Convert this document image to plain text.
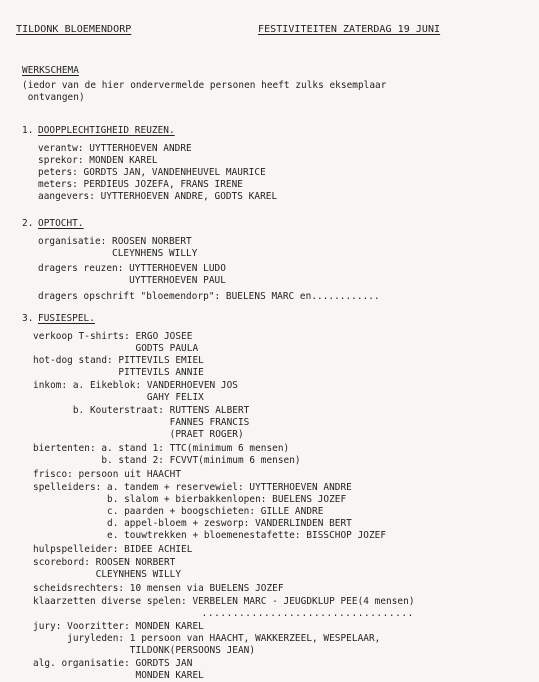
TILDONK BLOEMENDORP	FESTIVITEITEN ZATERDAG 19 JUNI
WERKSCHEMA
(iedor van de hier ondervermelde personen heeft zulks eksemplaar
ontvangen)
1. DOOPPLECHTIGHEID REUZEN.
verantw: UYTTERHOEVEN ANDRE
sprekor: MONDEN KAREL
peters: GORDTS JAN, VANDENHEUVEL MAURICE
meters: PERDIEUS JOZEFA, FRANS IRENE
aangevers: UYTTERHOEVEN ANDRE, GODTS KAREL
2. OPTOCHT.
organisatie: ROOSEN NORBERT
CLEYNHENS WILLY
dragers reuzen: UYTTERHOEVEN LUDO
UYTTERHOEVEN PAUL
dragers opschrift "bloemendorp": BUELENS MARC en............
3. FUSIESPEL.
verkoop T-shirts: ERGO JOSEE
GODTS PAULA
hot-dog stand: PITTEVILS EMIEL
PITTEVILS ANNIE
inkom: a. Eikeblok: VANDERHOEVEN JOS
GAHY FELIX
b. Kouterstraat: RUTTENS ALBERT
FANNES FRANCIS
(PRAET ROGER)
biertenten: a. stand 1: TTC(minimum 6 mensen)
b. stand 2: FCVVT(minimum 6 mensen)
frisco: persoon uit HAACHT
spelleiders: a. tandem + reservewiel: UYTTERHOEVEN ANDRE
b. slalom + bierbakkenlopen: BUELENS JOZEF
c. paarden + boogschieten: GILLE ANDRE
d. appel-bloem + zesworp: VANDERLINDEN BERT
e. touwtrekken + bloemenestafette: BISSCHOP JOZEF
hulpspelleider: BIDEE ACHIEL
scorebord: ROOSEN NORBERT
CLEYNHENS WILLY
scheidsrechters: 10 mensen via BUELENS JOZEF
klaarzetten diverse spelen: VERBELEN MARC - JEUGDKLUP PEE(4 mensen)
..................................
jury: Voorzitter: MONDEN KAREL
juryleden: 1 persoon van HAACHT, WAKKERZEEL, WESPELAAR,
TILDONK(PERSOONS JEAN)
alg. organisatie: GORDTS JAN
MONDEN KAREL
